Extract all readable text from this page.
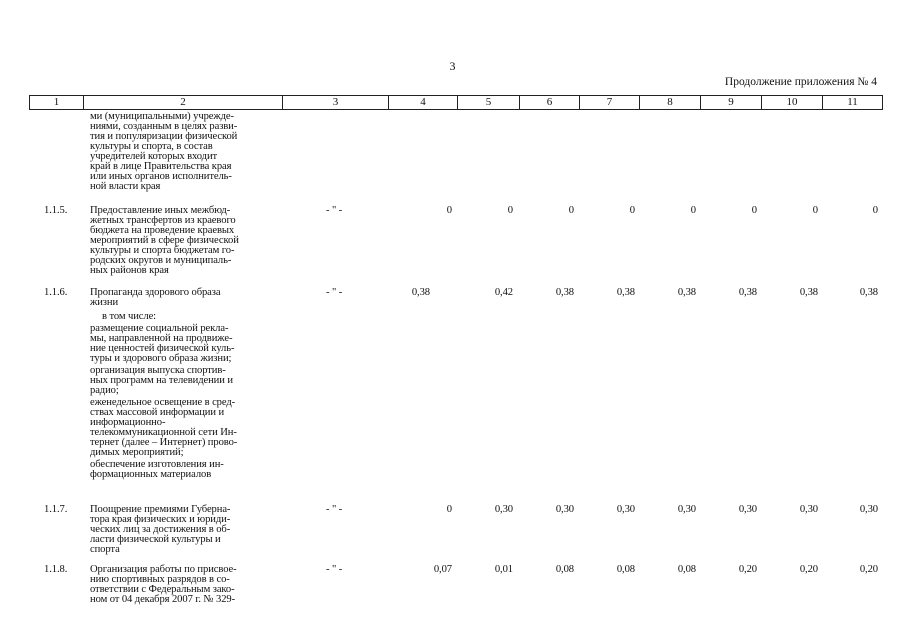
3
Продолжение приложения № 4
1	2	3	4	5	6	7	8	9	10	11

ми (муниципальными) учрежде-
ниями, созданным в целях разви-
тия и популяризации физической
культуры и спорта, в состав
учредителей которых входит
край в лице Правительства края
или иных органов исполнитель-
ной власти края

1.1.5. Предоставление иных межбюд-
жетных трансфертов из краевого
бюджета на проведение краевых
мероприятий в сфере физической
культуры и спорта бюджетам го-
родских округов и муниципаль-
ных районов края

- " -	0	0	0	0	0	0	0	0
1.1.6. Пропаганда здорового образа
жизни

в том числе:

размещение социальной рекла-
мы, направленной на продвиже-
ние ценностей физической куль-
туры и здорового образа жизни;

организация выпуска спортив-
ных программ на телевидении и
радио;

еженедельное освещение в сред-
ствах массовой информации и
информационно-
телекоммуникационной сети Ин-
тернет (далее – Интернет) прово-
димых мероприятий;

обеспечение изготовления ин-
формационных материалов

- " -	0,38	0,42	0,38	0,38	0,38	0,38	0,38	0,38
1.1.7. Поощрение премиями Губерна-
тора края физических и юриди-
ческих лиц за достижения в об-
ласти физической культуры и
спорта

- " -	0	0,30	0,30	0,30	0,30	0,30	0,30	0,30
1.1.8. Организация работы по присвое-
нию спортивных разрядов в со-
ответствии с Федеральным зако-
ном от 04 декабря 2007 г. № 329-

- " -	0,07	0,01	0,08	0,08	0,08	0,20	0,20	0,20
